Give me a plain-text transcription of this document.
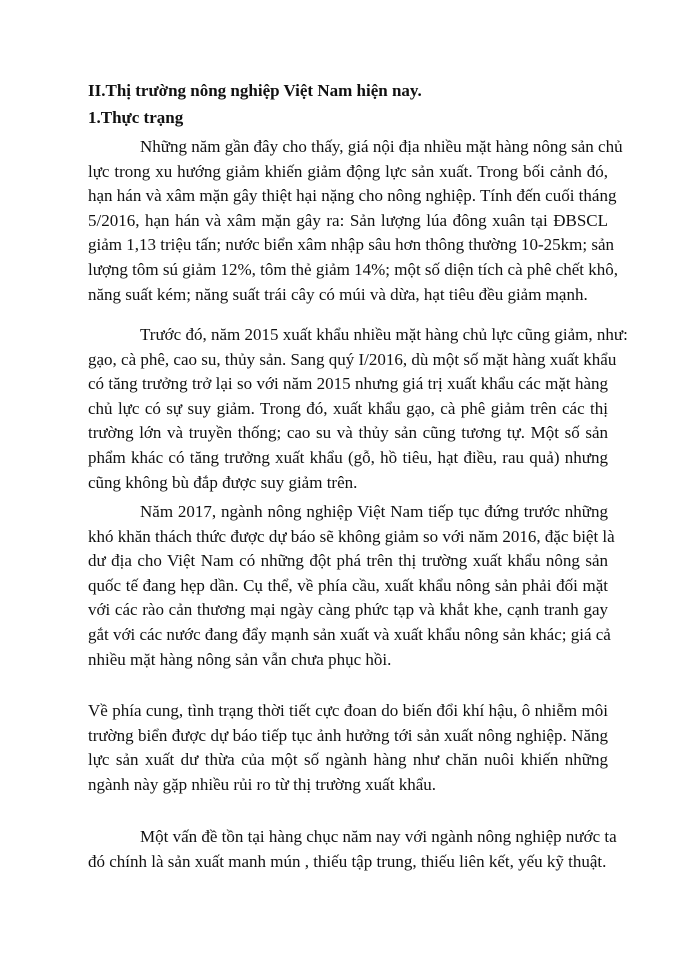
II.Thị trường nông nghiệp Việt Nam hiện nay.
1.Thực trạng
Những năm gần đây cho thấy, giá nội địa nhiều mặt hàng nông sản chủ
lực trong xu hướng giảm khiến giảm động lực sản xuất. Trong bối cảnh đó,
hạn hán và xâm mặn gây thiệt hại nặng cho nông nghiệp. Tính đến cuối tháng
5/2016, hạn hán và xâm mặn gây ra: Sản lượng lúa đông xuân tại ĐBSCL
giảm 1,13 triệu tấn; nước biển xâm nhập sâu hơn thông thường 10-25km; sản
lượng tôm sú giảm 12%, tôm thẻ giảm 14%; một số diện tích cà phê chết khô,
năng suất kém; năng suất trái cây có múi và dừa, hạt tiêu đều giảm mạnh.
Trước đó, năm 2015 xuất khẩu nhiều mặt hàng chủ lực cũng giảm, như:
gạo, cà phê, cao su, thủy sản. Sang quý I/2016, dù một số mặt hàng xuất khẩu
có tăng trưởng trở lại so với năm 2015 nhưng giá trị xuất khẩu các mặt hàng
chủ lực có sự suy giảm. Trong đó, xuất khẩu gạo, cà phê giảm trên các thị
trường lớn và truyền thống; cao su và thủy sản cũng tương tự. Một số sản
phẩm khác có tăng trưởng xuất khẩu (gỗ, hồ tiêu, hạt điều, rau quả) nhưng
cũng không bù đắp được suy giảm trên.
Năm 2017, ngành nông nghiệp Việt Nam tiếp tục đứng trước những
khó khăn thách thức được dự báo sẽ không giảm so với năm 2016, đặc biệt là
dư địa cho Việt Nam có những đột phá trên thị trường xuất khẩu nông sản
quốc tế đang hẹp dần. Cụ thể, về phía cầu, xuất khẩu nông sản phải đối mặt
với các rào cản thương mại ngày càng phức tạp và khắt khe, cạnh tranh gay
gắt với các nước đang đẩy mạnh sản xuất và xuất khẩu nông sản khác; giá cả
nhiều mặt hàng nông sản vẫn chưa phục hồi.
Về phía cung, tình trạng thời tiết cực đoan do biến đổi khí hậu, ô nhiễm môi
trường biển được dự báo tiếp tục ảnh hưởng tới sản xuất nông nghiệp. Năng
lực sản xuất dư thừa của một số ngành hàng như chăn nuôi khiến những
ngành này gặp nhiều rủi ro từ thị trường xuất khẩu.
Một vấn đề tồn tại hàng chục năm nay với ngành nông nghiệp nước ta
đó chính là sản xuất manh mún , thiếu tập trung, thiếu liên kết, yếu kỹ thuật.
